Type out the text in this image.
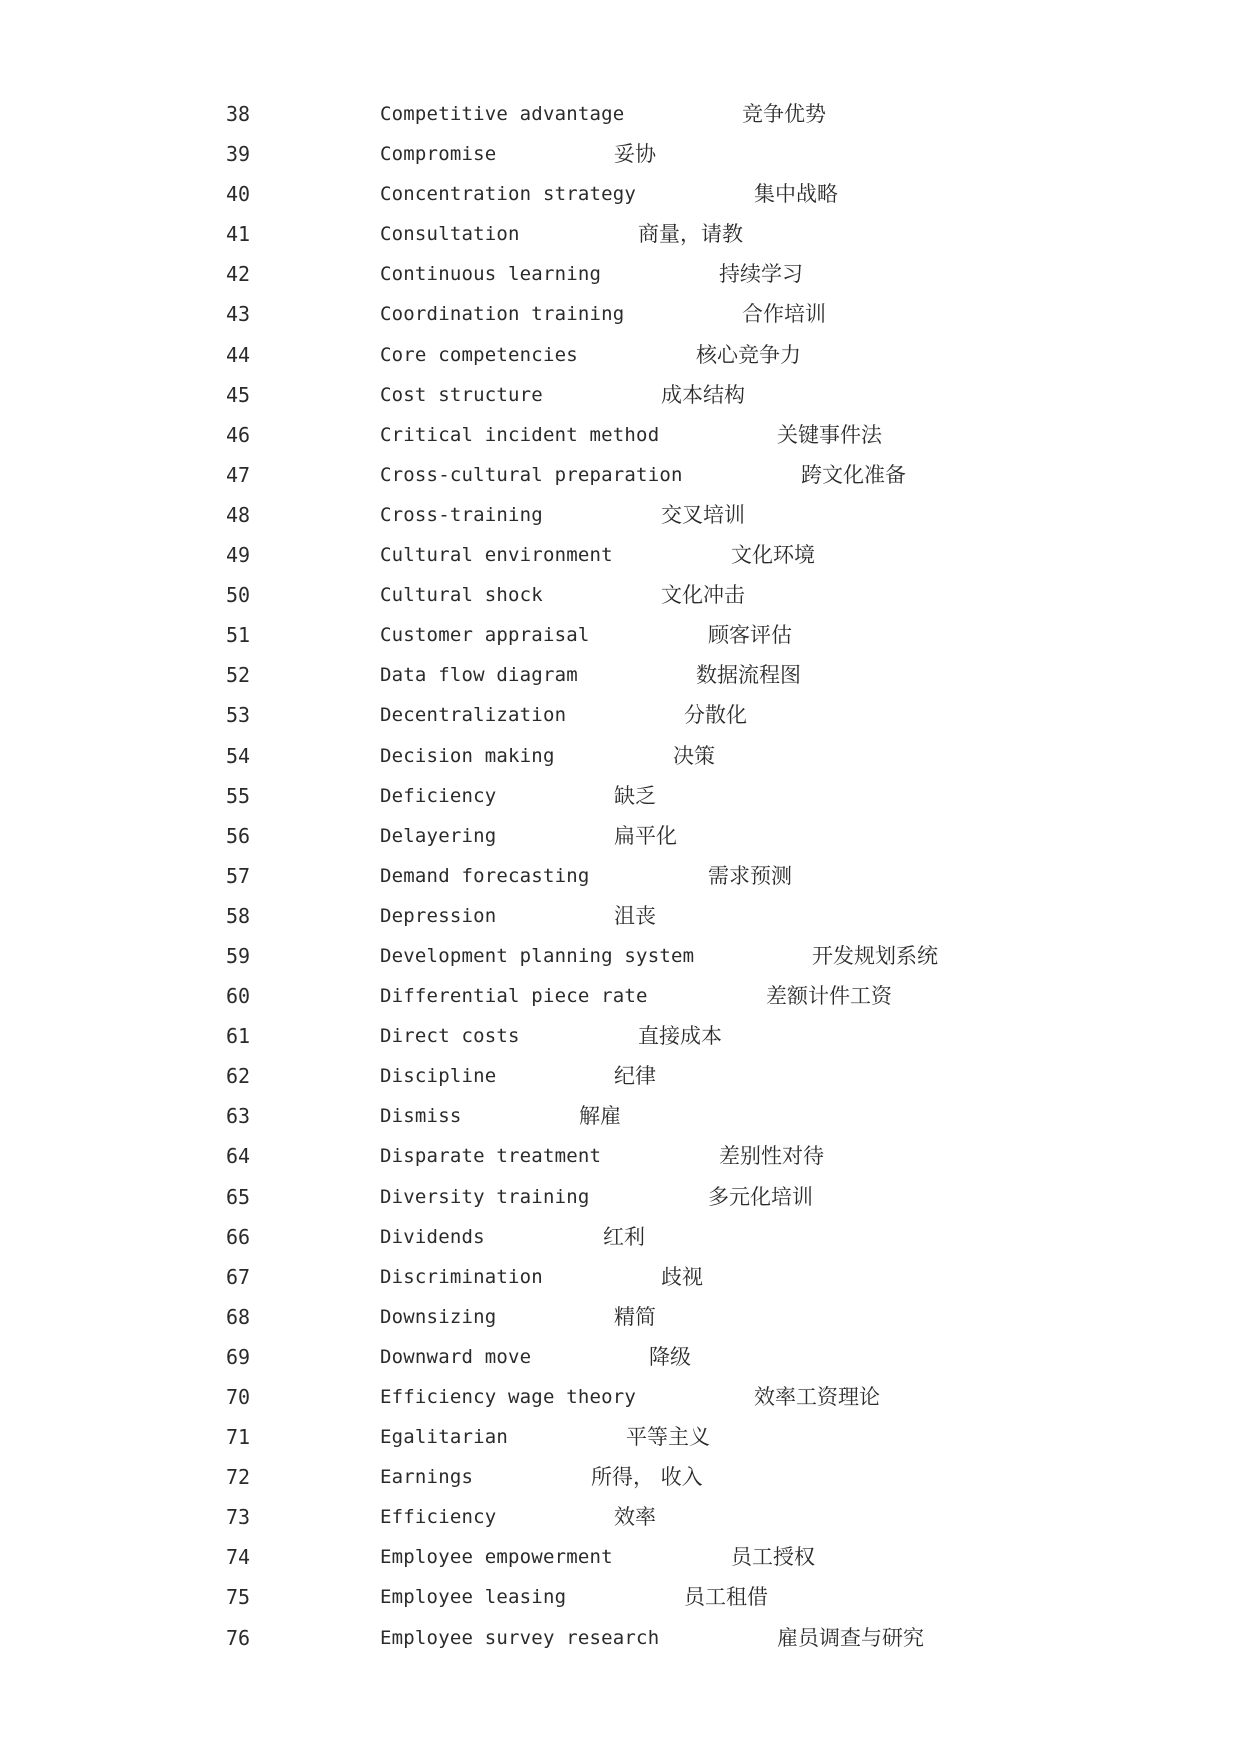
38	Competitive advantage	竞争优势
39	Compromise	妥协
40	Concentration strategy	集中战略
41	Consultation	商量，请教
42	Continuous learning	持续学习
43	Coordination training	合作培训
44	Core competencies	核心竞争力
45	Cost structure	成本结构
46	Critical incident method	关键事件法
47	Cross-cultural preparation	跨文化准备
48	Cross-training	交叉培训
49	Cultural environment	文化环境
50	Cultural shock	文化冲击
51	Customer appraisal	顾客评估
52	Data flow diagram	数据流程图
53	Decentralization	分散化
54	Decision making	决策
55	Deficiency	缺乏
56	Delayering	扁平化
57	Demand forecasting	需求预测
58	Depression	沮丧
59	Development planning system	开发规划系统
60	Differential piece rate	差额计件工资
61	Direct costs	直接成本
62	Discipline	纪律
63	Dismiss	解雇
64	Disparate treatment	差别性对待
65	Diversity training	多元化培训
66	Dividends	红利
67	Discrimination	歧视
68	Downsizing	精简
69	Downward move	降级
70	Efficiency wage theory	效率工资理论
71	Egalitarian	平等主义
72	Earnings	所得， 收入
73	Efficiency	效率
74	Employee empowerment	员工授权
75	Employee leasing	员工租借
76	Employee survey research	雇员调查与研究
